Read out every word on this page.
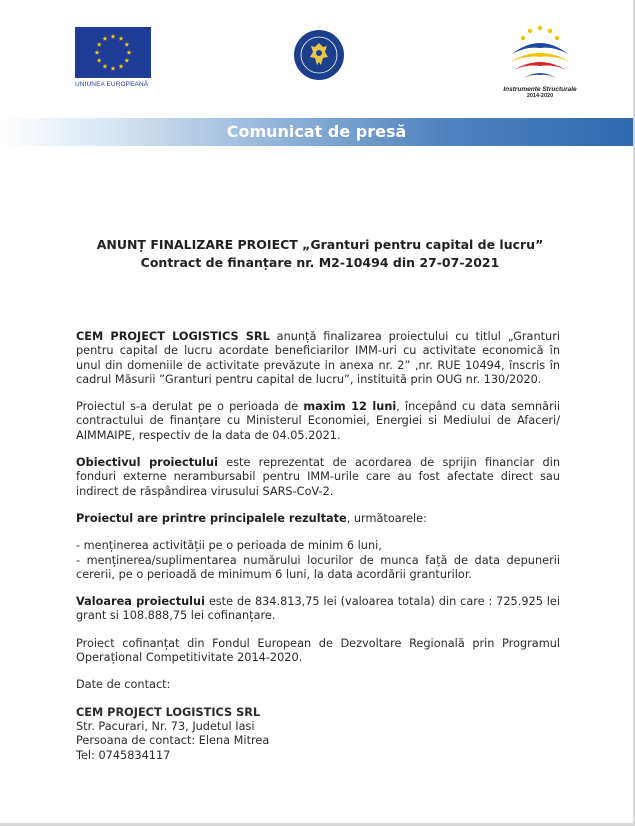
UNIUNEA EUROPEANĂ
Instrumente Structurale
2014-2020
Comunicat de presă
ANUNȚ FINALIZARE PROIECT „Granturi pentru capital de lucru”
Contract de finanțare nr. M2-10494 din 27-07-2021

CEM PROJECT LOGISTICS SRL anunță finalizarea proiectului cu titlul „Granturi pentru capital de lucru acordate beneficiarilor IMM-uri cu activitate economică în unul din domeniile de activitate prevăzute in anexa nr. 2” ,nr. RUE 10494, înscris în cadrul Măsurii ”Granturi pentru capital de lucru”, instituită prin OUG nr. 130/2020.

Proiectul s-a derulat pe o perioada de maxim 12 luni, începând cu data semnării contractului de finanțare cu Ministerul Economiei, Energiei si Mediului de Afaceri/ AIMMAIPE, respectiv de la data de 04.05.2021.

Obiectivul proiectului este reprezentat de acordarea de sprijin financiar din fonduri externe nerambursabil pentru IMM-urile care au fost afectate direct sau indirect de răspândirea virusului SARS-CoV-2.

Proiectul are printre principalele rezultate, următoarele:

- menținerea activității pe o perioada de minim 6 luni,
- menținerea/suplimentarea numărului locurilor de munca față de data depunerii cererii, pe o perioadă de minimum 6 luni, la data acordării granturilor.

Valoarea proiectului este de 834.813,75 lei (valoarea totala) din care : 725.925 lei grant si 108.888,75 lei cofinanțare.

Proiect cofinanțat din Fondul European de Dezvoltare Regională prin Programul Operațional Competitivitate 2014-2020.

Date de contact:

CEM PROJECT LOGISTICS SRL
Str. Pacurari, Nr. 73, Judetul Iasi
Persoana de contact: Elena Mitrea
Tel: 0745834117
